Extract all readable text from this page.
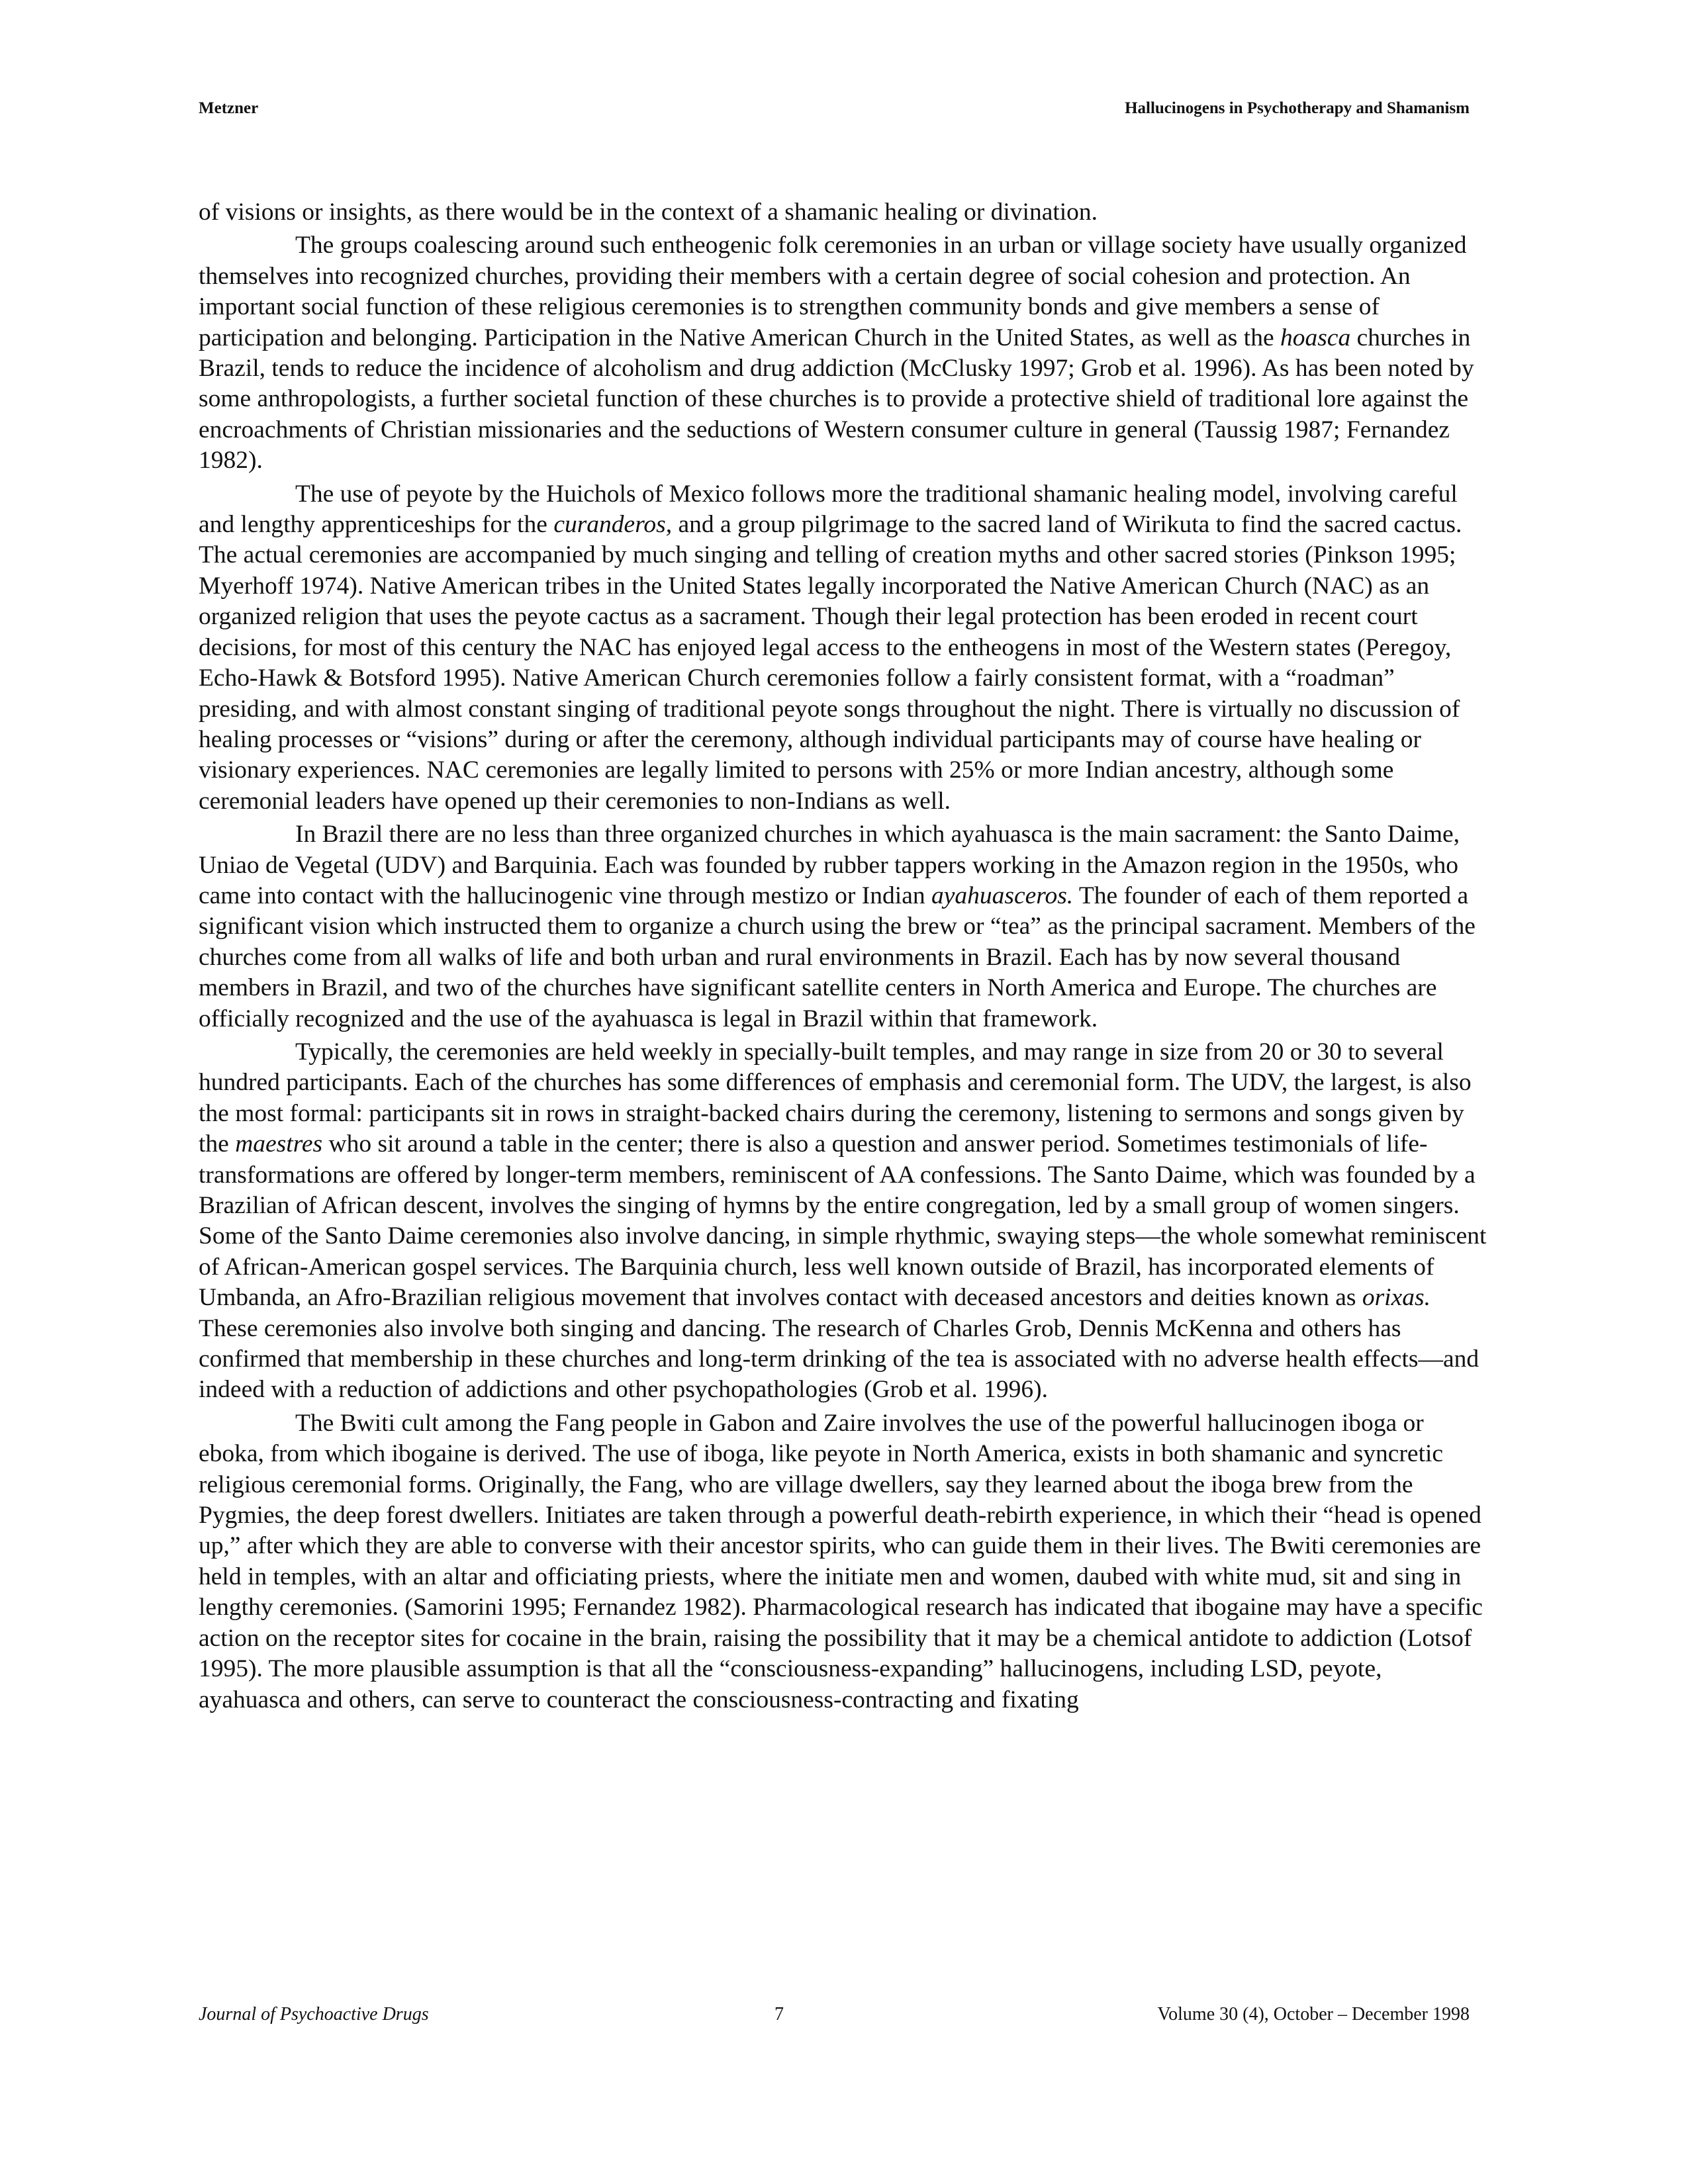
Metzner	Hallucinogens in Psychotherapy and Shamanism

of visions or insights, as there would be in the context of a shamanic healing or divination.

The groups coalescing around such entheogenic folk ceremonies in an urban or village society have usually organized themselves into recognized churches, providing their members with a certain degree of social cohesion and protection. An important social function of these religious ceremonies is to strengthen community bonds and give members a sense of participation and belonging. Participation in the Native American Church in the United States, as well as the hoasca churches in Brazil, tends to reduce the incidence of alcoholism and drug addiction (McClusky 1997; Grob et al. 1996). As has been noted by some anthropologists, a further societal function of these churches is to provide a protective shield of traditional lore against the encroachments of Christian missionaries and the seductions of Western consumer culture in general (Taussig 1987; Fernandez 1982).

The use of peyote by the Huichols of Mexico follows more the traditional shamanic healing model, involving careful and lengthy apprenticeships for the curanderos, and a group pilgrimage to the sacred land of Wirikuta to find the sacred cactus. The actual ceremonies are accompanied by much singing and telling of creation myths and other sacred stories (Pinkson 1995; Myerhoff 1974). Native American tribes in the United States legally incorporated the Native American Church (NAC) as an organized religion that uses the peyote cactus as a sacrament. Though their legal protection has been eroded in recent court decisions, for most of this century the NAC has enjoyed legal access to the entheogens in most of the Western states (Peregoy, Echo-Hawk & Botsford 1995). Native American Church ceremonies follow a fairly consistent format, with a “roadman” presiding, and with almost constant singing of traditional peyote songs throughout the night. There is virtually no discussion of healing processes or “visions” during or after the ceremony, although individual participants may of course have healing or visionary experiences. NAC ceremonies are legally limited to persons with 25% or more Indian ancestry, although some ceremonial leaders have opened up their ceremonies to non-Indians as well.

In Brazil there are no less than three organized churches in which ayahuasca is the main sacrament: the Santo Daime, Uniao de Vegetal (UDV) and Barquinia. Each was founded by rubber tappers working in the Amazon region in the 1950s, who came into contact with the hallucinogenic vine through mestizo or Indian ayahuasceros. The founder of each of them reported a significant vision which instructed them to organize a church using the brew or “tea” as the principal sacrament. Members of the churches come from all walks of life and both urban and rural environments in Brazil. Each has by now several thousand members in Brazil, and two of the churches have significant satellite centers in North America and Europe. The churches are officially recognized and the use of the ayahuasca is legal in Brazil within that framework.

Typically, the ceremonies are held weekly in specially-built temples, and may range in size from 20 or 30 to several hundred participants. Each of the churches has some differences of emphasis and ceremonial form. The UDV, the largest, is also the most formal: participants sit in rows in straight-backed chairs during the ceremony, listening to sermons and songs given by the maestres who sit around a table in the center; there is also a question and answer period. Sometimes testimonials of life-transformations are offered by longer-term members, reminiscent of AA confessions. The Santo Daime, which was founded by a Brazilian of African descent, involves the singing of hymns by the entire congregation, led by a small group of women singers. Some of the Santo Daime ceremonies also involve dancing, in simple rhythmic, swaying steps—the whole somewhat reminiscent of African-American gospel services. The Barquinia church, less well known outside of Brazil, has incorporated elements of Umbanda, an Afro-Brazilian religious movement that involves contact with deceased ancestors and deities known as orixas. These ceremonies also involve both singing and dancing. The research of Charles Grob, Dennis McKenna and others has confirmed that membership in these churches and long-term drinking of the tea is associated with no adverse health effects—and indeed with a reduction of addictions and other psychopathologies (Grob et al. 1996).

The Bwiti cult among the Fang people in Gabon and Zaire involves the use of the powerful hallucinogen iboga or eboka, from which ibogaine is derived. The use of iboga, like peyote in North America, exists in both shamanic and syncretic religious ceremonial forms. Originally, the Fang, who are village dwellers, say they learned about the iboga brew from the Pygmies, the deep forest dwellers. Initiates are taken through a powerful death-rebirth experience, in which their “head is opened up,” after which they are able to converse with their ancestor spirits, who can guide them in their lives. The Bwiti ceremonies are held in temples, with an altar and officiating priests, where the initiate men and women, daubed with white mud, sit and sing in lengthy ceremonies. (Samorini 1995; Fernandez 1982). Pharmacological research has indicated that ibogaine may have a specific action on the receptor sites for cocaine in the brain, raising the possibility that it may be a chemical antidote to addiction (Lotsof 1995). The more plausible assumption is that all the “consciousness-expanding” hallucinogens, including LSD, peyote, ayahuasca and others, can serve to counteract the consciousness-contracting and fixating

Journal of Psychoactive Drugs	7	Volume 30 (4), October – December 1998
